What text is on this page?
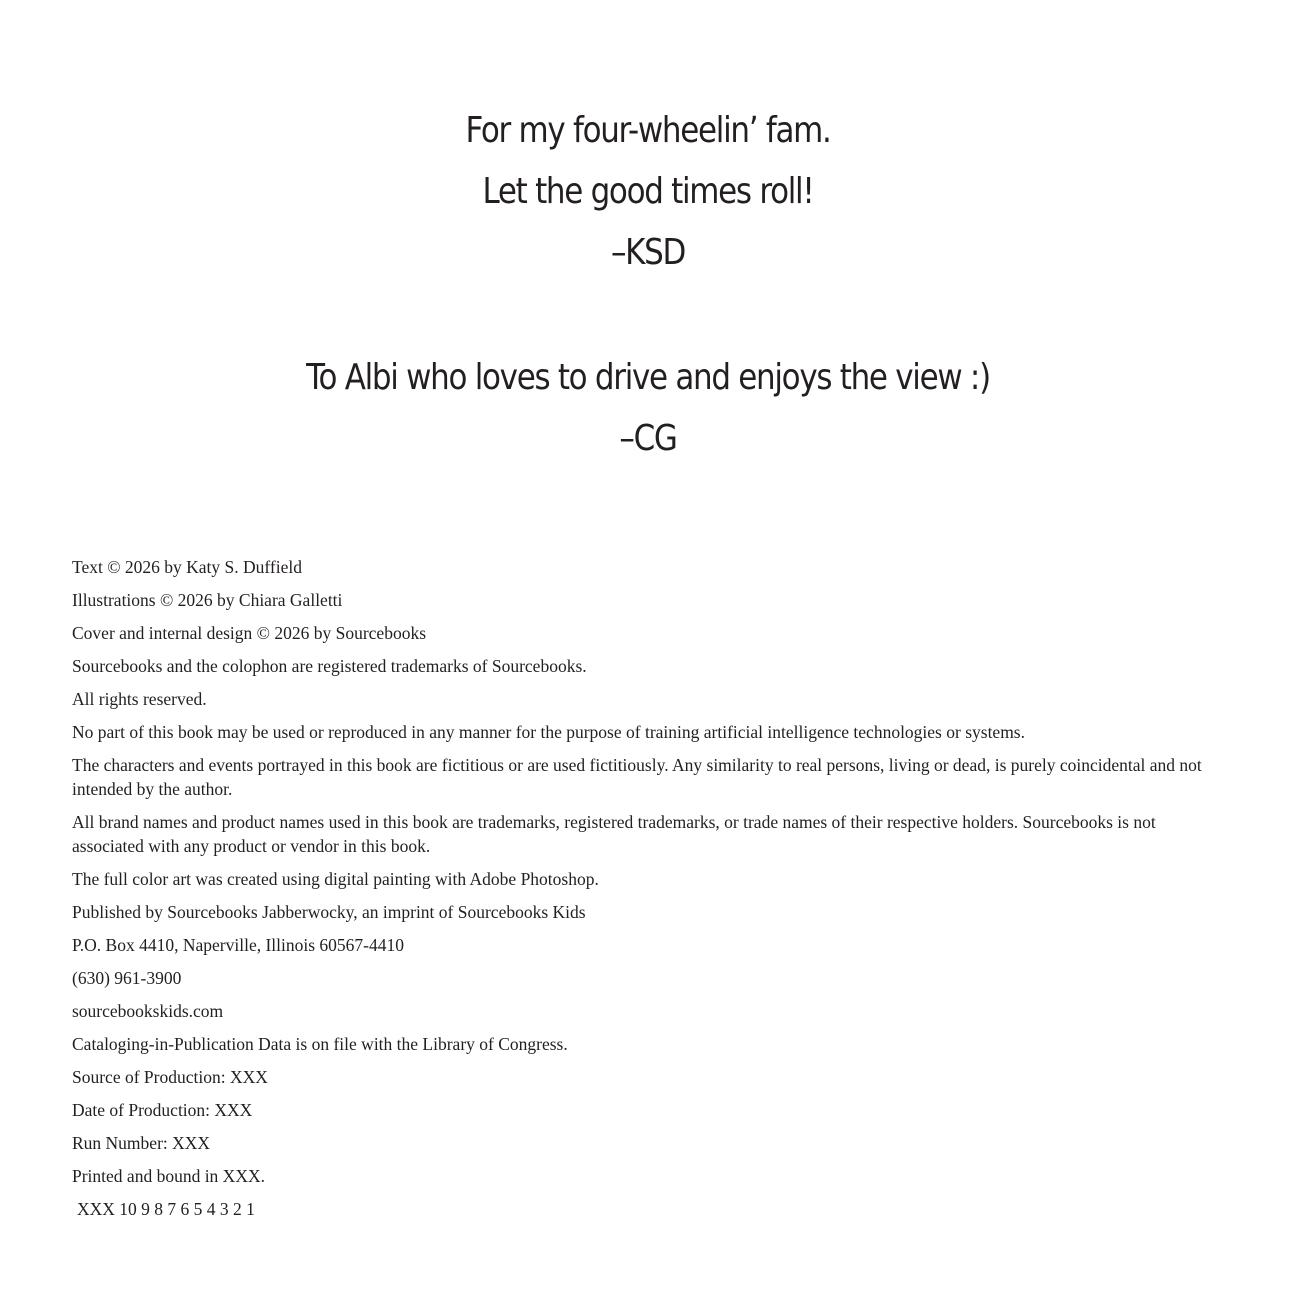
For my four-wheelin’ fam.
Let the good times roll!
–KSD
To Albi who loves to drive and enjoys the view :)
–CG
Text © 2026 by Katy S. Duffield
Illustrations © 2026 by Chiara Galletti
Cover and internal design © 2026 by Sourcebooks
Sourcebooks and the colophon are registered trademarks of Sourcebooks.
All rights reserved.
No part of this book may be used or reproduced in any manner for the purpose of training artificial intelligence technologies or systems.
The characters and events portrayed in this book are fictitious or are used fictitiously. Any similarity to real persons, living or dead, is purely coincidental and not intended by the author.
All brand names and product names used in this book are trademarks, registered trademarks, or trade names of their respective holders. Sourcebooks is not associated with any product or vendor in this book.
The full color art was created using digital painting with Adobe Photoshop.
Published by Sourcebooks Jabberwocky, an imprint of Sourcebooks Kids
P.O. Box 4410, Naperville, Illinois 60567-4410
(630) 961-3900
sourcebookskids.com
Cataloging-in-Publication Data is on file with the Library of Congress.
Source of Production: XXX
Date of Production: XXX
Run Number: XXX
Printed and bound in XXX.
XXX 10 9 8 7 6 5 4 3 2 1
